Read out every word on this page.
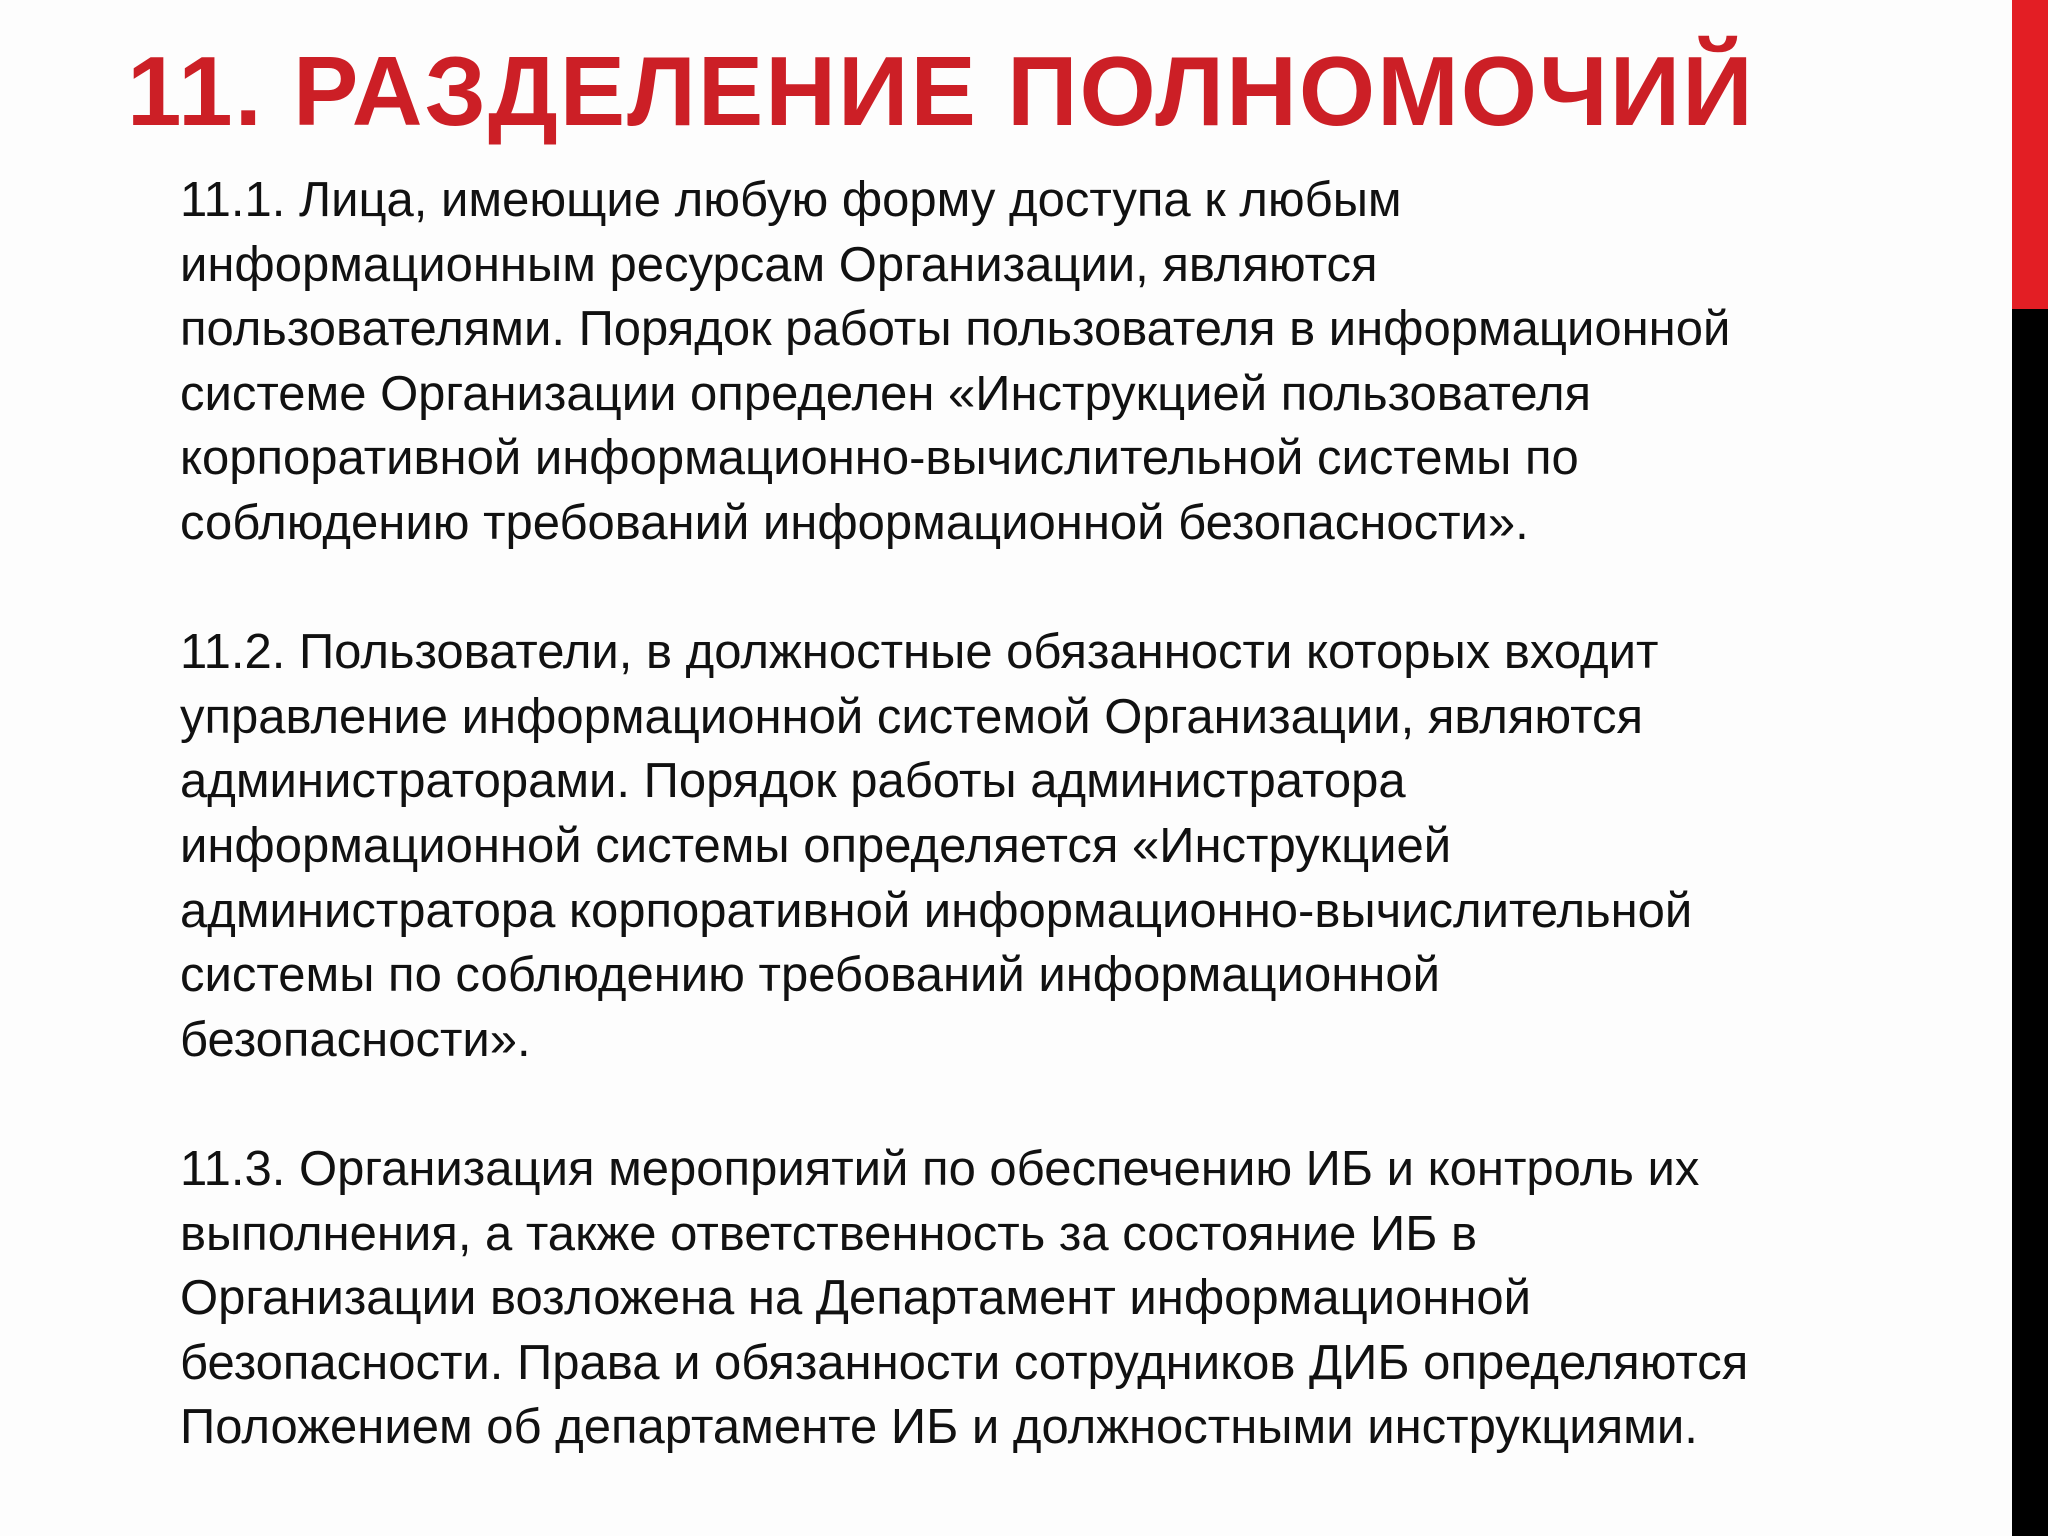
11. РАЗДЕЛЕНИЕ ПОЛНОМОЧИЙ

11.1. Лица, имеющие любую форму доступа к любым
информационным ресурсам Организации, являются
пользователями. Порядок работы пользователя в информационной
системе Организации определен «Инструкцией пользователя
корпоративной информационно-вычислительной системы по
соблюдению требований информационной безопасности».

11.2. Пользователи, в должностные обязанности которых входит
управление информационной системой Организации, являются
администраторами. Порядок работы администратора
информационной системы определяется «Инструкцией
администратора корпоративной информационно-вычислительной
системы по соблюдению требований информационной
безопасности».

11.3. Организация мероприятий по обеспечению ИБ и контроль их
выполнения, а также ответственность за состояние ИБ в
Организации возложена на Департамент информационной
безопасности. Права и обязанности сотрудников ДИБ определяются
Положением об департаменте ИБ и должностными инструкциями.
